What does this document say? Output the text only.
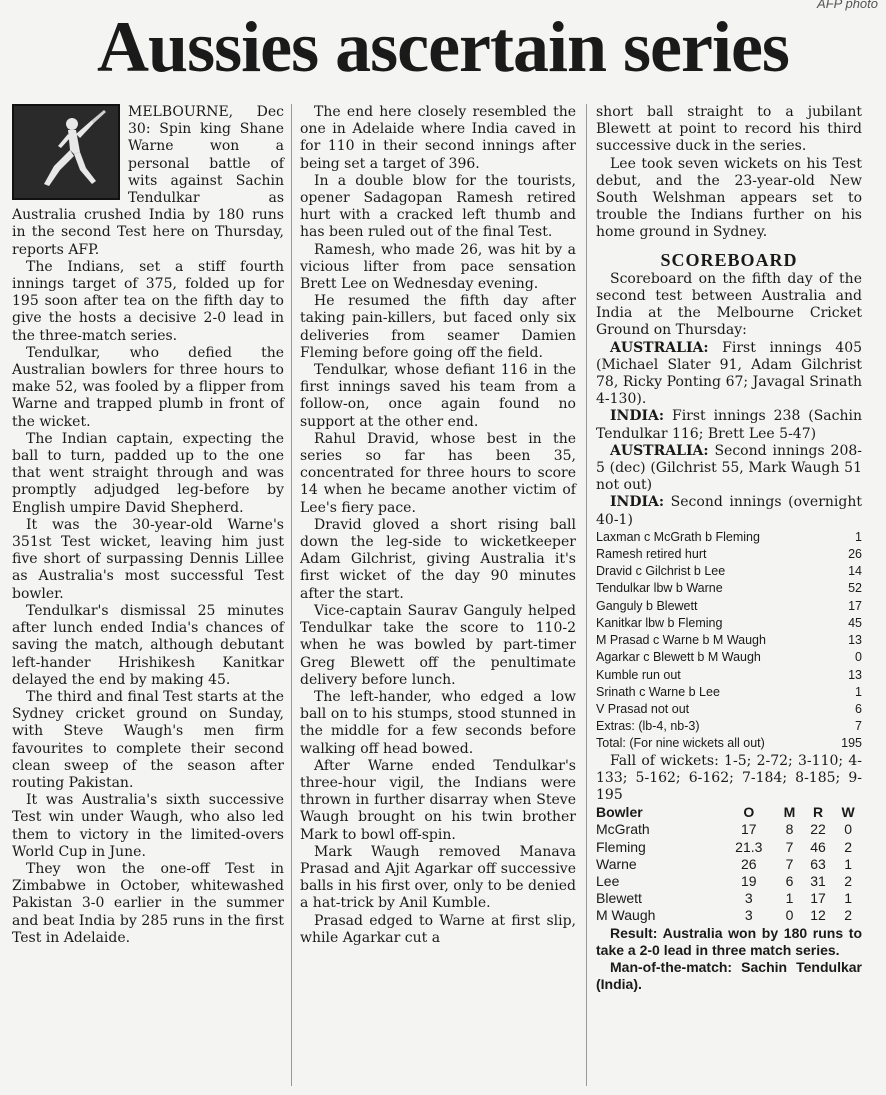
AFP photo
Aussies ascertain series

MELBOURNE, Dec 30: Spin king Shane Warne won a personal battle of wits against Sachin Tendulkar as Australia crushed India by 180 runs in the second Test here on Thursday, reports AFP.

The Indians, set a stiff fourth innings target of 375, folded up for 195 soon after tea on the fifth day to give the hosts a decisive 2-0 lead in the three-match series.

Tendulkar, who defied the Australian bowlers for three hours to make 52, was fooled by a flipper from Warne and trapped plumb in front of the wicket.

The Indian captain, expecting the ball to turn, padded up to the one that went straight through and was promptly adjudged leg-before by English umpire David Shepherd.

It was the 30-year-old Warne's 351st Test wicket, leaving him just five short of surpassing Dennis Lillee as Australia's most successful Test bowler.

Tendulkar's dismissal 25 minutes after lunch ended India's chances of saving the match, although debutant left-hander Hrishikesh Kanitkar delayed the end by making 45.

The third and final Test starts at the Sydney cricket ground on Sunday, with Steve Waugh's men firm favourites to complete their second clean sweep of the season after routing Pakistan.

It was Australia's sixth successive Test win under Waugh, who also led them to victory in the limited-overs World Cup in June.

They won the one-off Test in Zimbabwe in October, whitewashed Pakistan 3-0 earlier in the summer and beat India by 285 runs in the first Test in Adelaide.

The end here closely resembled the one in Adelaide where India caved in for 110 in their second innings after being set a target of 396.

In a double blow for the tourists, opener Sadagopan Ramesh retired hurt with a cracked left thumb and has been ruled out of the final Test.

Ramesh, who made 26, was hit by a vicious lifter from pace sensation Brett Lee on Wednesday evening.

He resumed the fifth day after taking pain-killers, but faced only six deliveries from seamer Damien Fleming before going off the field.

Tendulkar, whose defiant 116 in the first innings saved his team from a follow-on, once again found no support at the other end.

Rahul Dravid, whose best in the series so far has been 35, concentrated for three hours to score 14 when he became another victim of Lee's fiery pace.

Dravid gloved a short rising ball down the leg-side to wicketkeeper Adam Gilchrist, giving Australia it's first wicket of the day 90 minutes after the start.

Vice-captain Saurav Ganguly helped Tendulkar take the score to 110-2 when he was bowled by part-timer Greg Blewett off the penultimate delivery before lunch.

The left-hander, who edged a low ball on to his stumps, stood stunned in the middle for a few seconds before walking off head bowed.

After Warne ended Tendulkar's three-hour vigil, the Indians were thrown in further disarray when Steve Waugh brought on his twin brother Mark to bowl off-spin.

Mark Waugh removed Manava Prasad and Ajit Agarkar off successive balls in his first over, only to be denied a hat-trick by Anil Kumble.

Prasad edged to Warne at first slip, while Agarkar cut a

short ball straight to a jubilant Blewett at point to record his third successive duck in the series.

Lee took seven wickets on his Test debut, and the 23-year-old New South Welshman appears set to trouble the Indians further on his home ground in Sydney.

SCOREBOARD

Scoreboard on the fifth day of the second test between Australia and India at the Melbourne Cricket Ground on Thursday:

AUSTRALIA: First innings 405 (Michael Slater 91, Adam Gilchrist 78, Ricky Ponting 67; Javagal Srinath 4-130).

INDIA: First innings 238 (Sachin Tendulkar 116; Brett Lee 5-47)

AUSTRALIA: Second innings 208-5 (dec) (Gilchrist 55, Mark Waugh 51 not out)

INDIA: Second innings (overnight 40-1)

Laxman c McGrath b Fleming	1
Ramesh retired hurt	26
Dravid c Gilchrist b Lee	14
Tendulkar lbw b Warne	52
Ganguly b Blewett	17
Kanitkar lbw b Fleming	45
M Prasad c Warne b M Waugh	13
Agarkar c Blewett b M Waugh	0
Kumble run out	13
Srinath c Warne b Lee	1
V Prasad not out	6
Extras: (lb-4, nb-3)	7
Total: (For nine wickets all out)	195

Fall of wickets: 1-5; 2-72; 3-110; 4-133; 5-162; 6-162; 7-184; 8-185; 9-195

Bowler	O	M	R	W
McGrath	17	8	22	0
Fleming	21.3	7	46	2
Warne	26	7	63	1
Lee	19	6	31	2
Blewett	3	1	17	1
M Waugh	3	0	12	2

Result: Australia won by 180 runs to take a 2-0 lead in three match series.

Man-of-the-match: Sachin Tendulkar (India).
